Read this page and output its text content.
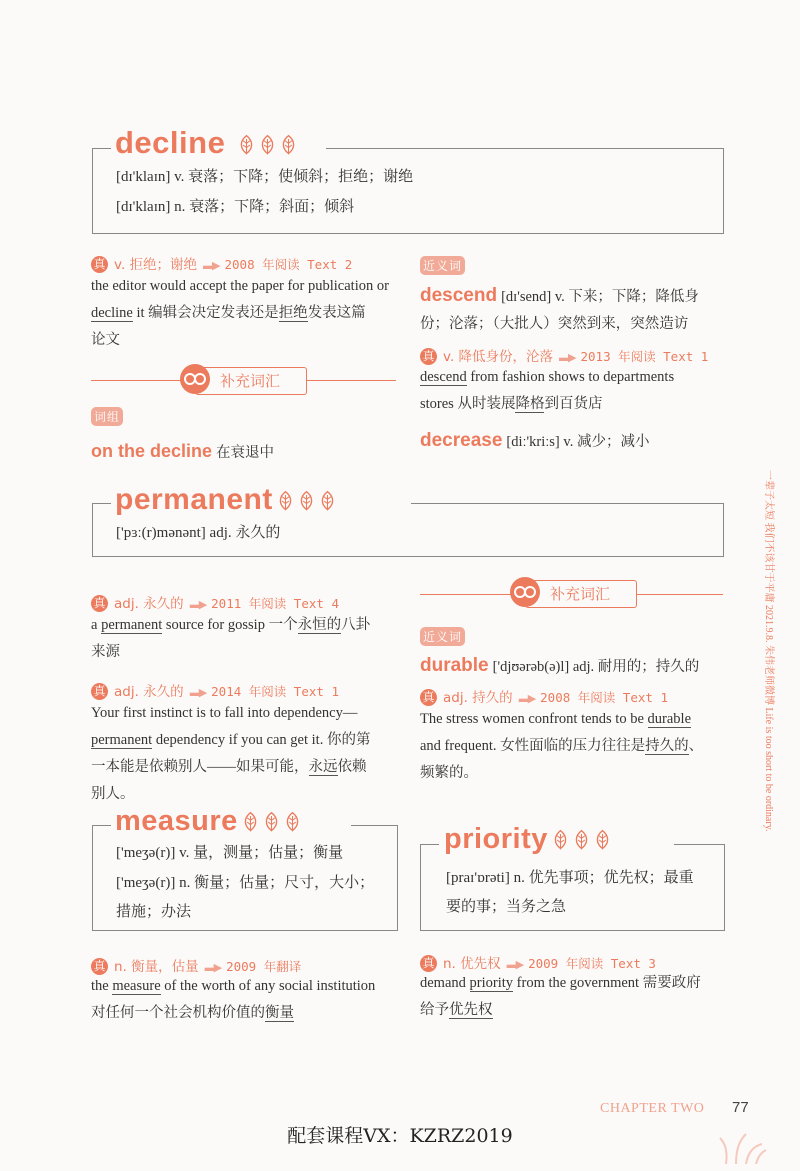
decline
[dɪ'klaɪn] v. 衰落；下降；使倾斜；拒绝；谢绝
[dɪ'klaɪn] n. 衰落；下降；斜面；倾斜
真 v. 拒绝；谢绝 ▬▶ 2008 年阅读 Text 2
the editor would accept the paper for publication or
decline it 编辑会决定发表还是拒绝发表这篇
论文
补充词汇
词组
on the decline 在衰退中
近义词
descend [dɪ'send] v. 下来；下降；降低身
份；沦落；（大批人）突然到来，突然造访
真 v. 降低身份，沦落 ▬▶ 2013 年阅读 Text 1
descend from fashion shows to departments
stores 从时装展降格到百货店
decrease [diː'kriːs] v. 减少；减小
permanent
['pɜː(r)mənənt] adj. 永久的
真 adj. 永久的 ▬▶ 2011 年阅读 Text 4
a permanent source for gossip 一个永恒的八卦
来源
真 adj. 永久的 ▬▶ 2014 年阅读 Text 1
Your first instinct is to fall into dependency—
permanent dependency if you can get it. 你的第
一本能是依赖别人——如果可能，永远依赖
别人。
补充词汇
近义词
durable ['djʊərəb(ə)l] adj. 耐用的；持久的
真 adj. 持久的 ▬▶ 2008 年阅读 Text 1
The stress women confront tends to be durable
and frequent. 女性面临的压力往往是持久的、
频繁的。
measure
['meʒə(r)] v. 量，测量；估量；衡量
['meʒə(r)] n. 衡量；估量；尺寸，大小；
措施；办法
真 n. 衡量，估量 ▬▶ 2009 年翻译
the measure of the worth of any social institution
对任何一个社会机构价值的衡量
priority
[praɪ'ɒrəti] n. 优先事项；优先权；最重
要的事；当务之急
真 n. 优先权 ▬▶ 2009 年阅读 Text 3
demand priority from the government 需要政府
给予优先权
一辈子太短 我们不该甘于平庸 2021.9.8. 朱伟老师微博 Life is too short to be ordinary.
CHAPTER TWO 77
配套课程VX：KZRZ2019
